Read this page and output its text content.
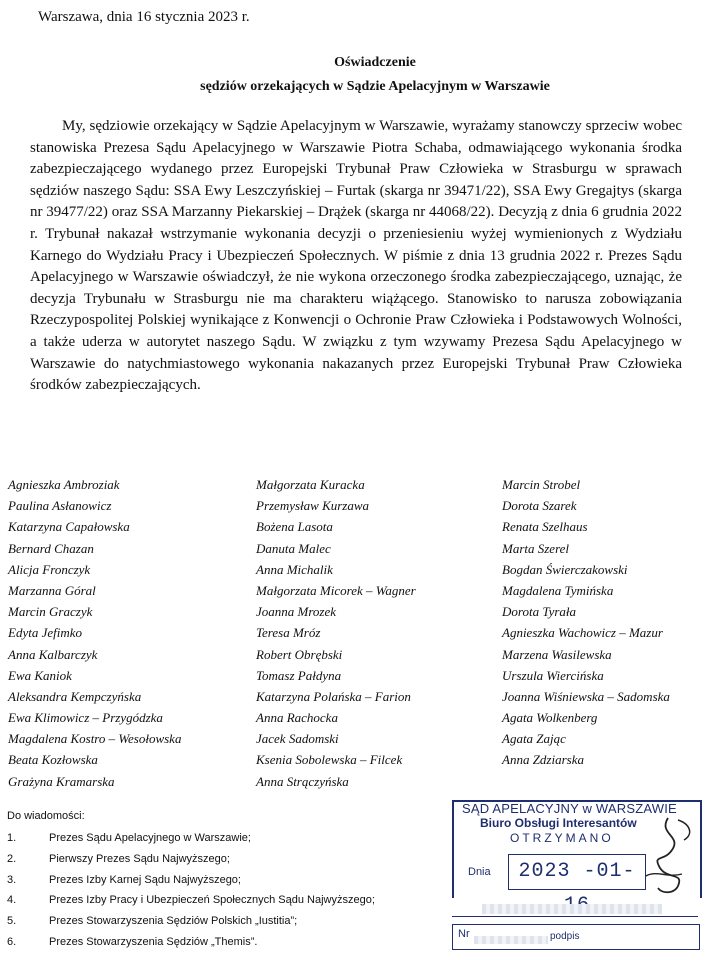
Warszawa, dnia 16 stycznia 2023 r.
Oświadczenie
sędziów orzekających w Sądzie Apelacyjnym w Warszawie

My, sędziowie orzekający w Sądzie Apelacyjnym w Warszawie, wyrażamy stanowczy sprzeciw wobec stanowiska Prezesa Sądu Apelacyjnego w Warszawie Piotra Schaba, odmawiającego wykonania środka zabezpieczającego wydanego przez Europejski Trybunał Praw Człowieka w Strasburgu w sprawach sędziów naszego Sądu: SSA Ewy Leszczyńskiej – Furtak (skarga nr 39471/22), SSA Ewy Gregajtys (skarga nr 39477/22) oraz SSA Marzanny Piekarskiej – Drążek (skarga nr 44068/22). Decyzją z dnia 6 grudnia 2022 r. Trybunał nakazał wstrzymanie wykonania decyzji o przeniesieniu wyżej wymienionych z Wydziału Karnego do Wydziału Pracy i Ubezpieczeń Społecznych. W piśmie z dnia 13 grudnia 2022 r. Prezes Sądu Apelacyjnego w Warszawie oświadczył, że nie wykona orzeczonego środka zabezpieczającego, uznając, że decyzja Trybunału w Strasburgu nie ma charakteru wiążącego. Stanowisko to narusza zobowiązania Rzeczypospolitej Polskiej wynikające z Konwencji o Ochronie Praw Człowieka i Podstawowych Wolności, a także uderza w autorytet naszego Sądu. W związku z tym wzywamy Prezesa Sądu Apelacyjnego w Warszawie do natychmiastowego wykonania nakazanych przez Europejski Trybunał Praw Człowieka środków zabezpieczających.

Agnieszka Ambroziak
Paulina Asłanowicz
Katarzyna Capałowska
Bernard Chazan
Alicja Fronczyk
Marzanna Góral
Marcin Graczyk
Edyta Jefimko
Anna Kalbarczyk
Ewa Kaniok
Aleksandra Kempczyńska
Ewa Klimowicz – Przygódzka
Magdalena Kostro – Wesołowska
Beata Kozłowska
Grażyna Kramarska
Małgorzata Kuracka
Przemysław Kurzawa
Bożena Lasota
Danuta Malec
Anna Michalik
Małgorzata Micorek – Wagner
Joanna Mrozek
Teresa Mróz
Robert Obrębski
Tomasz Pałdyna
Katarzyna Polańska – Farion
Anna Rachocka
Jacek Sadomski
Ksenia Sobolewska – Filcek
Anna Strączyńska
Marcin Strobel
Dorota Szarek
Renata Szelhaus
Marta Szerel
Bogdan Świerczakowski
Magdalena Tymińska
Dorota Tyrała
Agnieszka Wachowicz – Mazur
Marzena Wasilewska
Urszula Wiercińska
Joanna Wiśniewska – Sadomska
Agata Wolkenberg
Agata Zając
Anna Zdziarska
Do wiadomości:
1.	Prezes Sądu Apelacyjnego w Warszawie;
2.	Pierwszy Prezes Sądu Najwyższego;
3.	Prezes Izby Karnej Sądu Najwyższego;
4.	Prezes Izby Pracy i Ubezpieczeń Społecznych Sądu Najwyższego;
5.	Prezes Stowarzyszenia Sędziów Polskich „Iustitia”;
6.	Prezes Stowarzyszenia Sędziów „Themis”.
SĄD APELACYJNY w WARSZAWIE
Biuro Obsługi Interesantów
OTRZYMANO
Dnia	2023 -01-
Nr	podpis
